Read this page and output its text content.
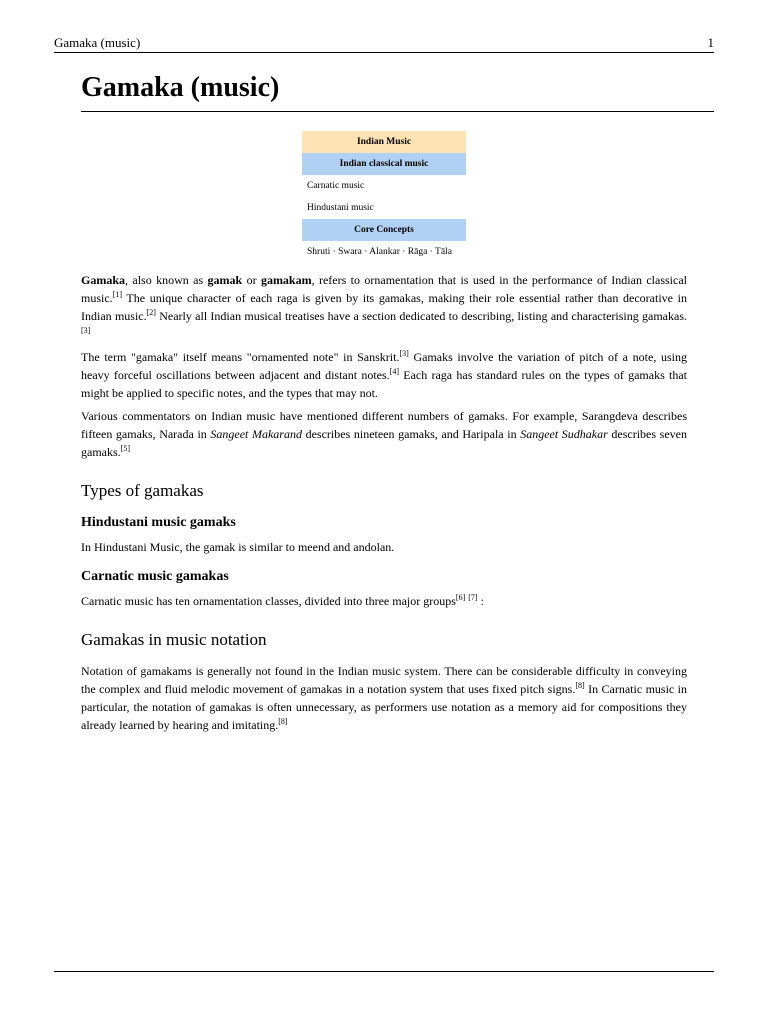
Gamaka (music)	1
Gamaka (music)
Indian Music
Indian classical music
Carnatic music
Hindustani music
Core Concepts
Shruti · Swara · Alankar · Rāga · Tāla

Gamaka, also known as gamak or gamakam, refers to ornamentation that is used in the performance of Indian classical music.[1] The unique character of each raga is given by its gamakas, making their role essential rather than decorative in Indian music.[2] Nearly all Indian musical treatises have a section dedicated to describing, listing and characterising gamakas.[3]

The term "gamaka" itself means "ornamented note" in Sanskrit.[3] Gamaks involve the variation of pitch of a note, using heavy forceful oscillations between adjacent and distant notes.[4] Each raga has standard rules on the types of gamaks that might be applied to specific notes, and the types that may not.

Various commentators on Indian music have mentioned different numbers of gamaks. For example, Sarangdeva describes fifteen gamaks, Narada in Sangeet Makarand describes nineteen gamaks, and Haripala in Sangeet Sudhakar describes seven gamaks.[5]

Types of gamakas
Hindustani music gamaks

In Hindustani Music, the gamak is similar to meend and andolan.

Carnatic music gamakas

Carnatic music has ten ornamentation classes, divided into three major groups[6] [7] :

Gamakas in music notation

Notation of gamakams is generally not found in the Indian music system. There can be considerable difficulty in conveying the complex and fluid melodic movement of gamakas in a notation system that uses fixed pitch signs.[8] In Carnatic music in particular, the notation of gamakas is often unnecessary, as performers use notation as a memory aid for compositions they already learned by hearing and imitating.[8]
